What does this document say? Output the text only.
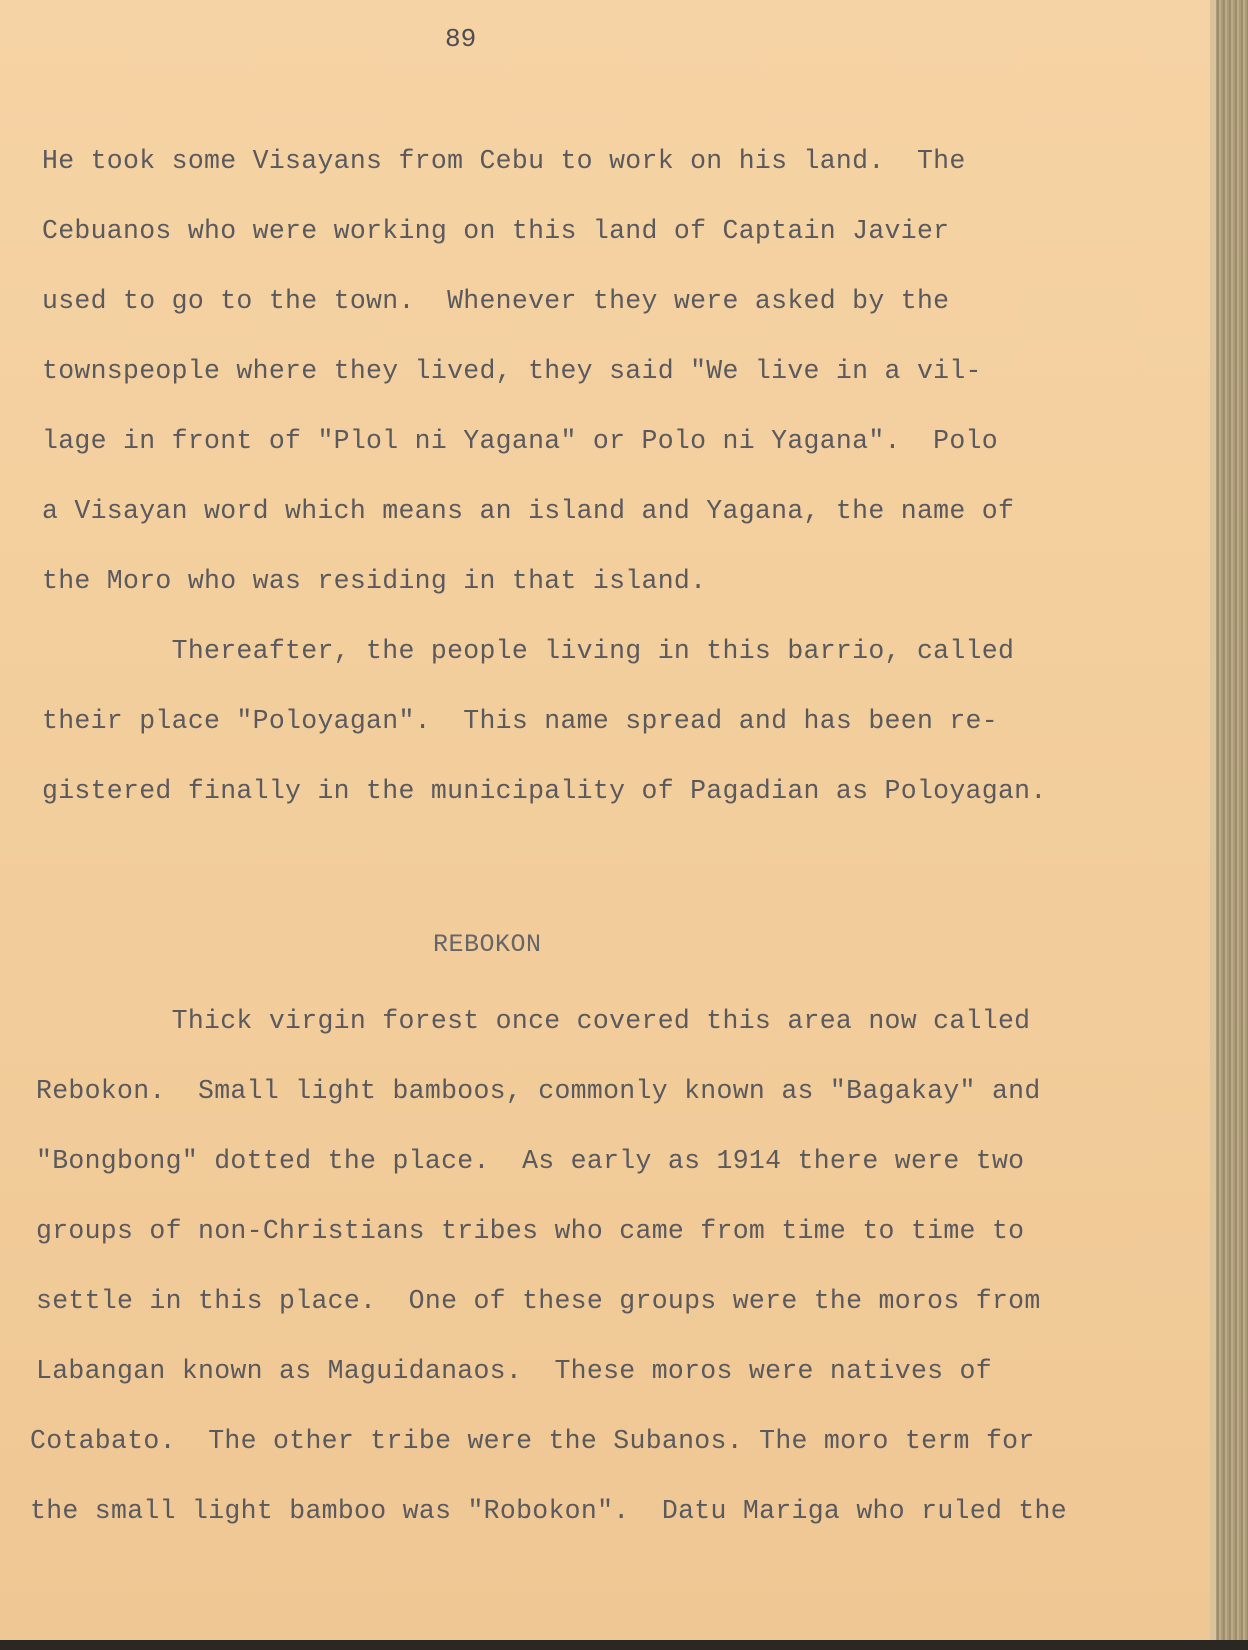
89
He took some Visayans from Cebu to work on his land.  The
Cebuanos who were working on this land of Captain Javier
used to go to the town.  Whenever they were asked by the
townspeople where they lived, they said "We live in a vil-
lage in front of "Plol ni Yagana" or Polo ni Yagana".  Polo
a Visayan word which means an island and Yagana, the name of
the Moro who was residing in that island.
Thereafter, the people living in this barrio, called
their place "Poloyagan".  This name spread and has been re-
gistered finally in the municipality of Pagadian as Poloyagan.
REBOKON
Thick virgin forest once covered this area now called
Rebokon.  Small light bamboos, commonly known as "Bagakay" and
"Bongbong" dotted the place.  As early as 1914 there were two
groups of non-Christians tribes who came from time to time to
settle in this place.  One of these groups were the moros from
Labangan known as Maguidanaos.  These moros were natives of
Cotabato.  The other tribe were the Subanos. The moro term for
the small light bamboo was "Robokon".  Datu Mariga who ruled the
